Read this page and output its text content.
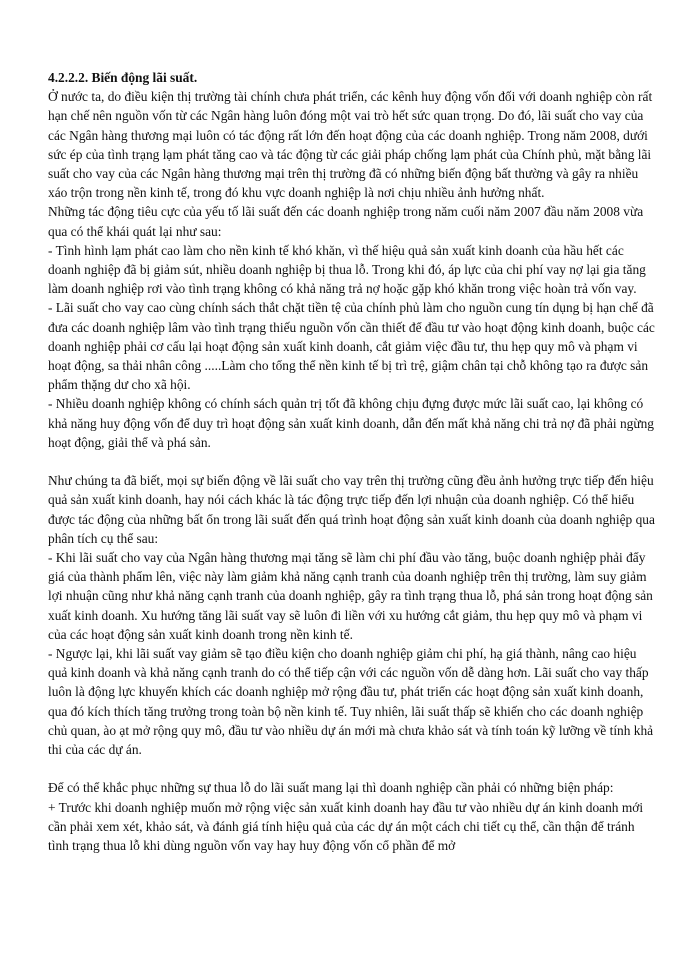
4.2.2.2. Biến động lãi suất.

Ở nước ta, do điều kiện thị trường tài chính chưa phát triển, các kênh huy động vốn đối với doanh nghiệp còn rất hạn chế nên nguồn vốn từ các Ngân hàng luôn đóng một vai trò hết sức quan trọng. Do đó, lãi suất cho vay của các Ngân hàng thương mại luôn có tác động rất lớn đến hoạt động của các doanh nghiệp. Trong năm 2008, dưới sức ép của tình trạng lạm phát tăng cao và tác động từ các giải pháp chống lạm phát của Chính phủ, mặt bằng lãi suất cho vay của các Ngân hàng thương mại trên thị trường đã có những biến động bất thường và gây ra nhiều xáo trộn trong nền kinh tế, trong đó khu vực doanh nghiệp là nơi chịu nhiều ảnh hưởng nhất.

Những tác động tiêu cực của yếu tố lãi suất đến các doanh nghiệp trong năm cuối năm 2007 đầu năm 2008 vừa qua có thể khái quát lại như sau:

- Tình hình lạm phát cao làm cho nền kinh tế khó khăn, vì thế hiệu quả sản xuất kinh doanh của hầu hết các doanh nghiệp đã bị giảm sút, nhiều doanh nghiệp bị thua lỗ. Trong khi đó, áp lực của chi phí vay nợ lại gia tăng làm doanh nghiệp rơi vào tình trạng không có khả năng trả nợ hoặc gặp khó khăn trong việc hoàn trả vốn vay.

- Lãi suất cho vay cao cùng chính sách thắt chặt tiền tệ của chính phủ làm cho nguồn cung tín dụng bị hạn chế đã đưa các doanh nghiệp lâm vào tình trạng thiếu nguồn vốn cần thiết để đầu tư vào hoạt động kinh doanh, buộc các doanh nghiệp phải cơ cấu lại hoạt động sản xuất kinh doanh, cắt giảm việc đầu tư, thu hẹp quy mô và phạm vi hoạt động, sa thải nhân công .....Làm cho tổng thể nền kinh tế bị trì trệ, giậm chân tại chỗ không tạo ra được sản phẩm thặng dư cho xã hội.

- Nhiều doanh nghiệp không có chính sách quản trị tốt đã không chịu đựng được mức lãi suất cao, lại không có khả năng huy động vốn để duy trì hoạt động sản xuất kinh doanh, dẫn đến mất khả năng chi trả nợ đã phải ngừng hoạt động, giải thể và phá sản.

Như chúng ta đã biết, mọi sự biến động về lãi suất cho vay trên thị trường cũng đều ảnh hưởng trực tiếp đến hiệu quả sản xuất kinh doanh, hay nói cách khác là tác động trực tiếp đến lợi nhuận của doanh nghiệp. Có thể hiểu được tác động của những bất ổn trong lãi suất đến quá trình hoạt động sản xuất kinh doanh của doanh nghiệp qua phân tích cụ thể sau:

- Khi lãi suất cho vay của Ngân hàng thương mại tăng sẽ làm chi phí đầu vào tăng, buộc doanh nghiệp phải đẩy giá của thành phẩm lên, việc này làm giảm khả năng cạnh tranh của doanh nghiệp trên thị trường, làm suy giảm lợi nhuận cũng như khả năng cạnh tranh của doanh nghiệp, gây ra tình trạng thua lỗ, phá sản trong hoạt động sản xuất kinh doanh. Xu hướng tăng lãi suất vay sẽ luôn đi liền với xu hướng cắt giảm, thu hẹp quy mô và phạm vi của các hoạt động sản xuất kinh doanh trong nền kinh tế.

- Ngược lại, khi lãi suất vay giảm sẽ tạo điều kiện cho doanh nghiệp giảm chi phí, hạ giá thành, nâng cao hiệu quả kinh doanh và khả năng cạnh tranh do có thể tiếp cận với các nguồn vốn dễ dàng hơn. Lãi suất cho vay thấp luôn là động lực khuyến khích các doanh nghiệp mở rộng đầu tư, phát triển các hoạt động sản xuất kinh doanh, qua đó kích thích tăng trưởng trong toàn bộ nền kinh tế. Tuy nhiên, lãi suất thấp sẽ khiến cho các doanh nghiệp chủ quan, ào ạt mở rộng quy mô, đầu tư vào nhiều dự án mới mà chưa khảo sát và tính toán kỹ lưỡng về tính khả thi của các dự án.

Để có thể khắc phục những sự thua lỗ do lãi suất mang lại thì doanh nghiệp cần phải có những biện pháp:

+ Trước khi doanh nghiệp muốn mở rộng việc sản xuất kinh doanh hay đầu tư vào nhiều dự án kinh doanh mới cần phải xem xét, khảo sát, và đánh giá tính hiệu quả của các dự án một cách chi tiết cụ thể, cần thận để tránh tình trạng thua lỗ khi dùng nguồn vốn vay hay huy động vốn cổ phần để mở
